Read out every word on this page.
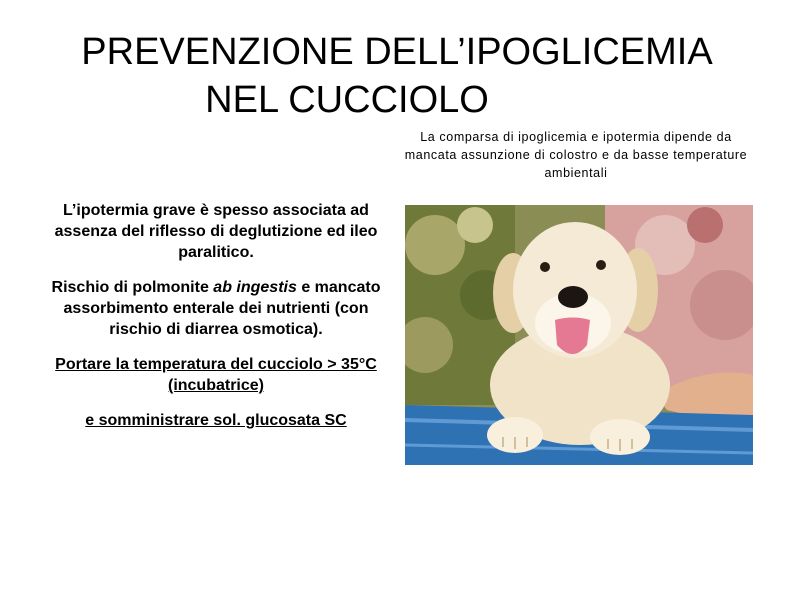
PREVENZIONE DELL’IPOGLICEMIA
NEL CUCCIOLO
La comparsa di ipoglicemia e ipotermia dipende da mancata assunzione di colostro e da basse temperature ambientali

L’ipotermia grave è spesso associata ad assenza del riflesso di deglutizione ed ileo paralitico.

Rischio di polmonite ab ingestis e mancato assorbimento enterale dei nutrienti (con rischio di diarrea osmotica).

Portare la temperatura del cucciolo > 35°C (incubatrice)

e somministrare sol. glucosata SC
